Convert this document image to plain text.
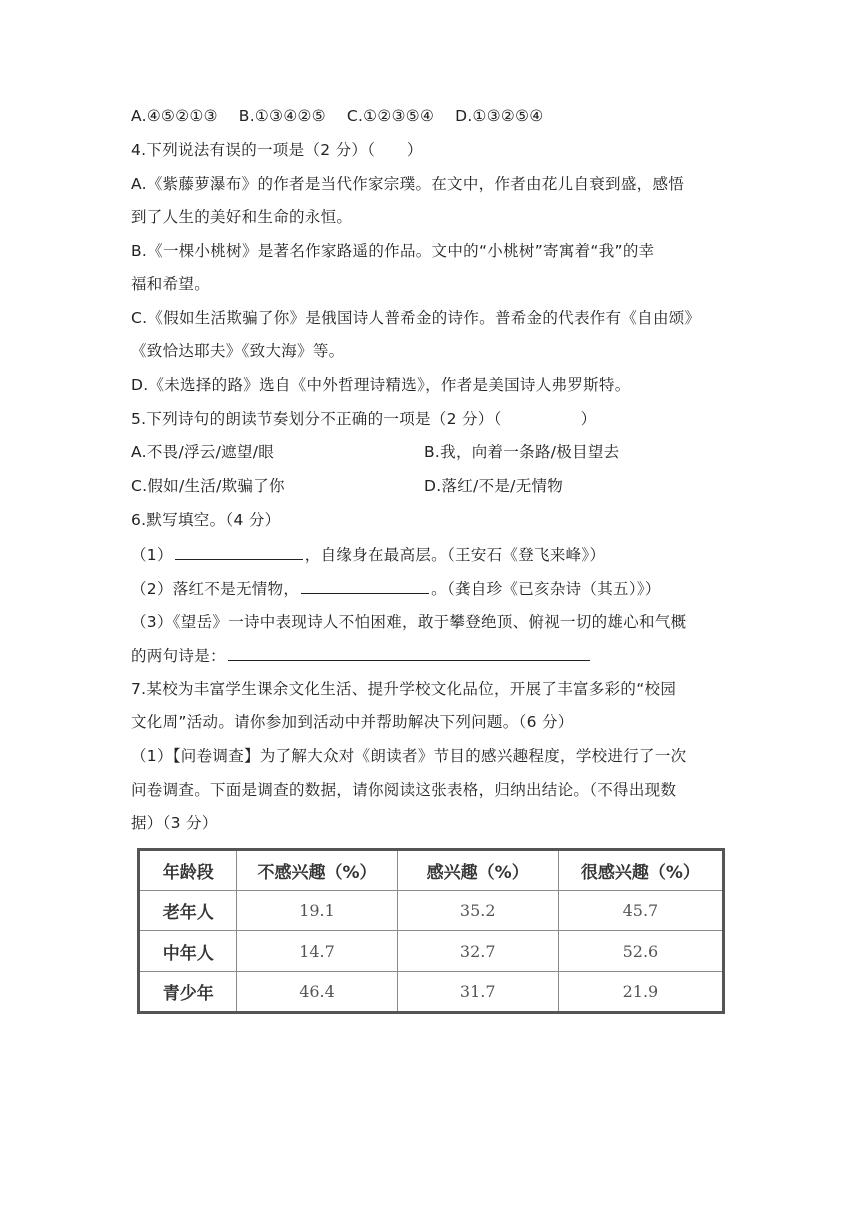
A.④⑤②①③ B.①③④②⑤ C.①②③⑤④ D.①③②⑤④
4.下列说法有误的一项是（2 分）（　　）
A.《紫藤萝瀑布》的作者是当代作家宗璞。在文中，作者由花儿自衰到盛，感悟
到了人生的美好和生命的永恒。
B.《一棵小桃树》是著名作家路遥的作品。文中的“小桃树”寄寓着“我”的幸
福和希望。
C.《假如生活欺骗了你》是俄国诗人普希金的诗作。普希金的代表作有《自由颂》
《致恰达耶夫》《致大海》等。
D.《未选择的路》选自《中外哲理诗精选》，作者是美国诗人弗罗斯特。
5.下列诗句的朗读节奏划分不正确的一项是（2 分）（　　　　　）
A.不畏/浮云/遮望/眼	B.我，向着一条路/极目望去
C.假如/生活/欺骗了你	D.落红/不是/无情物
6.默写填空。（4 分）
（1）	，自缘身在最高层。（王安石《登飞来峰》）
（2）落红不是无情物，	。（龚自珍《已亥杂诗（其五）》）
（3）《望岳》一诗中表现诗人不怕困难，敢于攀登绝顶、俯视一切的雄心和气概
的两句诗是：
7.某校为丰富学生课余文化生活、提升学校文化品位，开展了丰富多彩的“校园
文化周”活动。请你参加到活动中并帮助解决下列问题。（6 分）
（1）【问卷调查】为了解大众对《朗读者》节目的感兴趣程度，学校进行了一次
问卷调查。下面是调查的数据，请你阅读这张表格，归纳出结论。（不得出现数
据）（3 分）
年龄段	不感兴趣（%）	感兴趣（%）	很感兴趣（%）
老年人	19.1	35.2	45.7
中年人	14.7	32.7	52.6
青少年	46.4	31.7	21.9
